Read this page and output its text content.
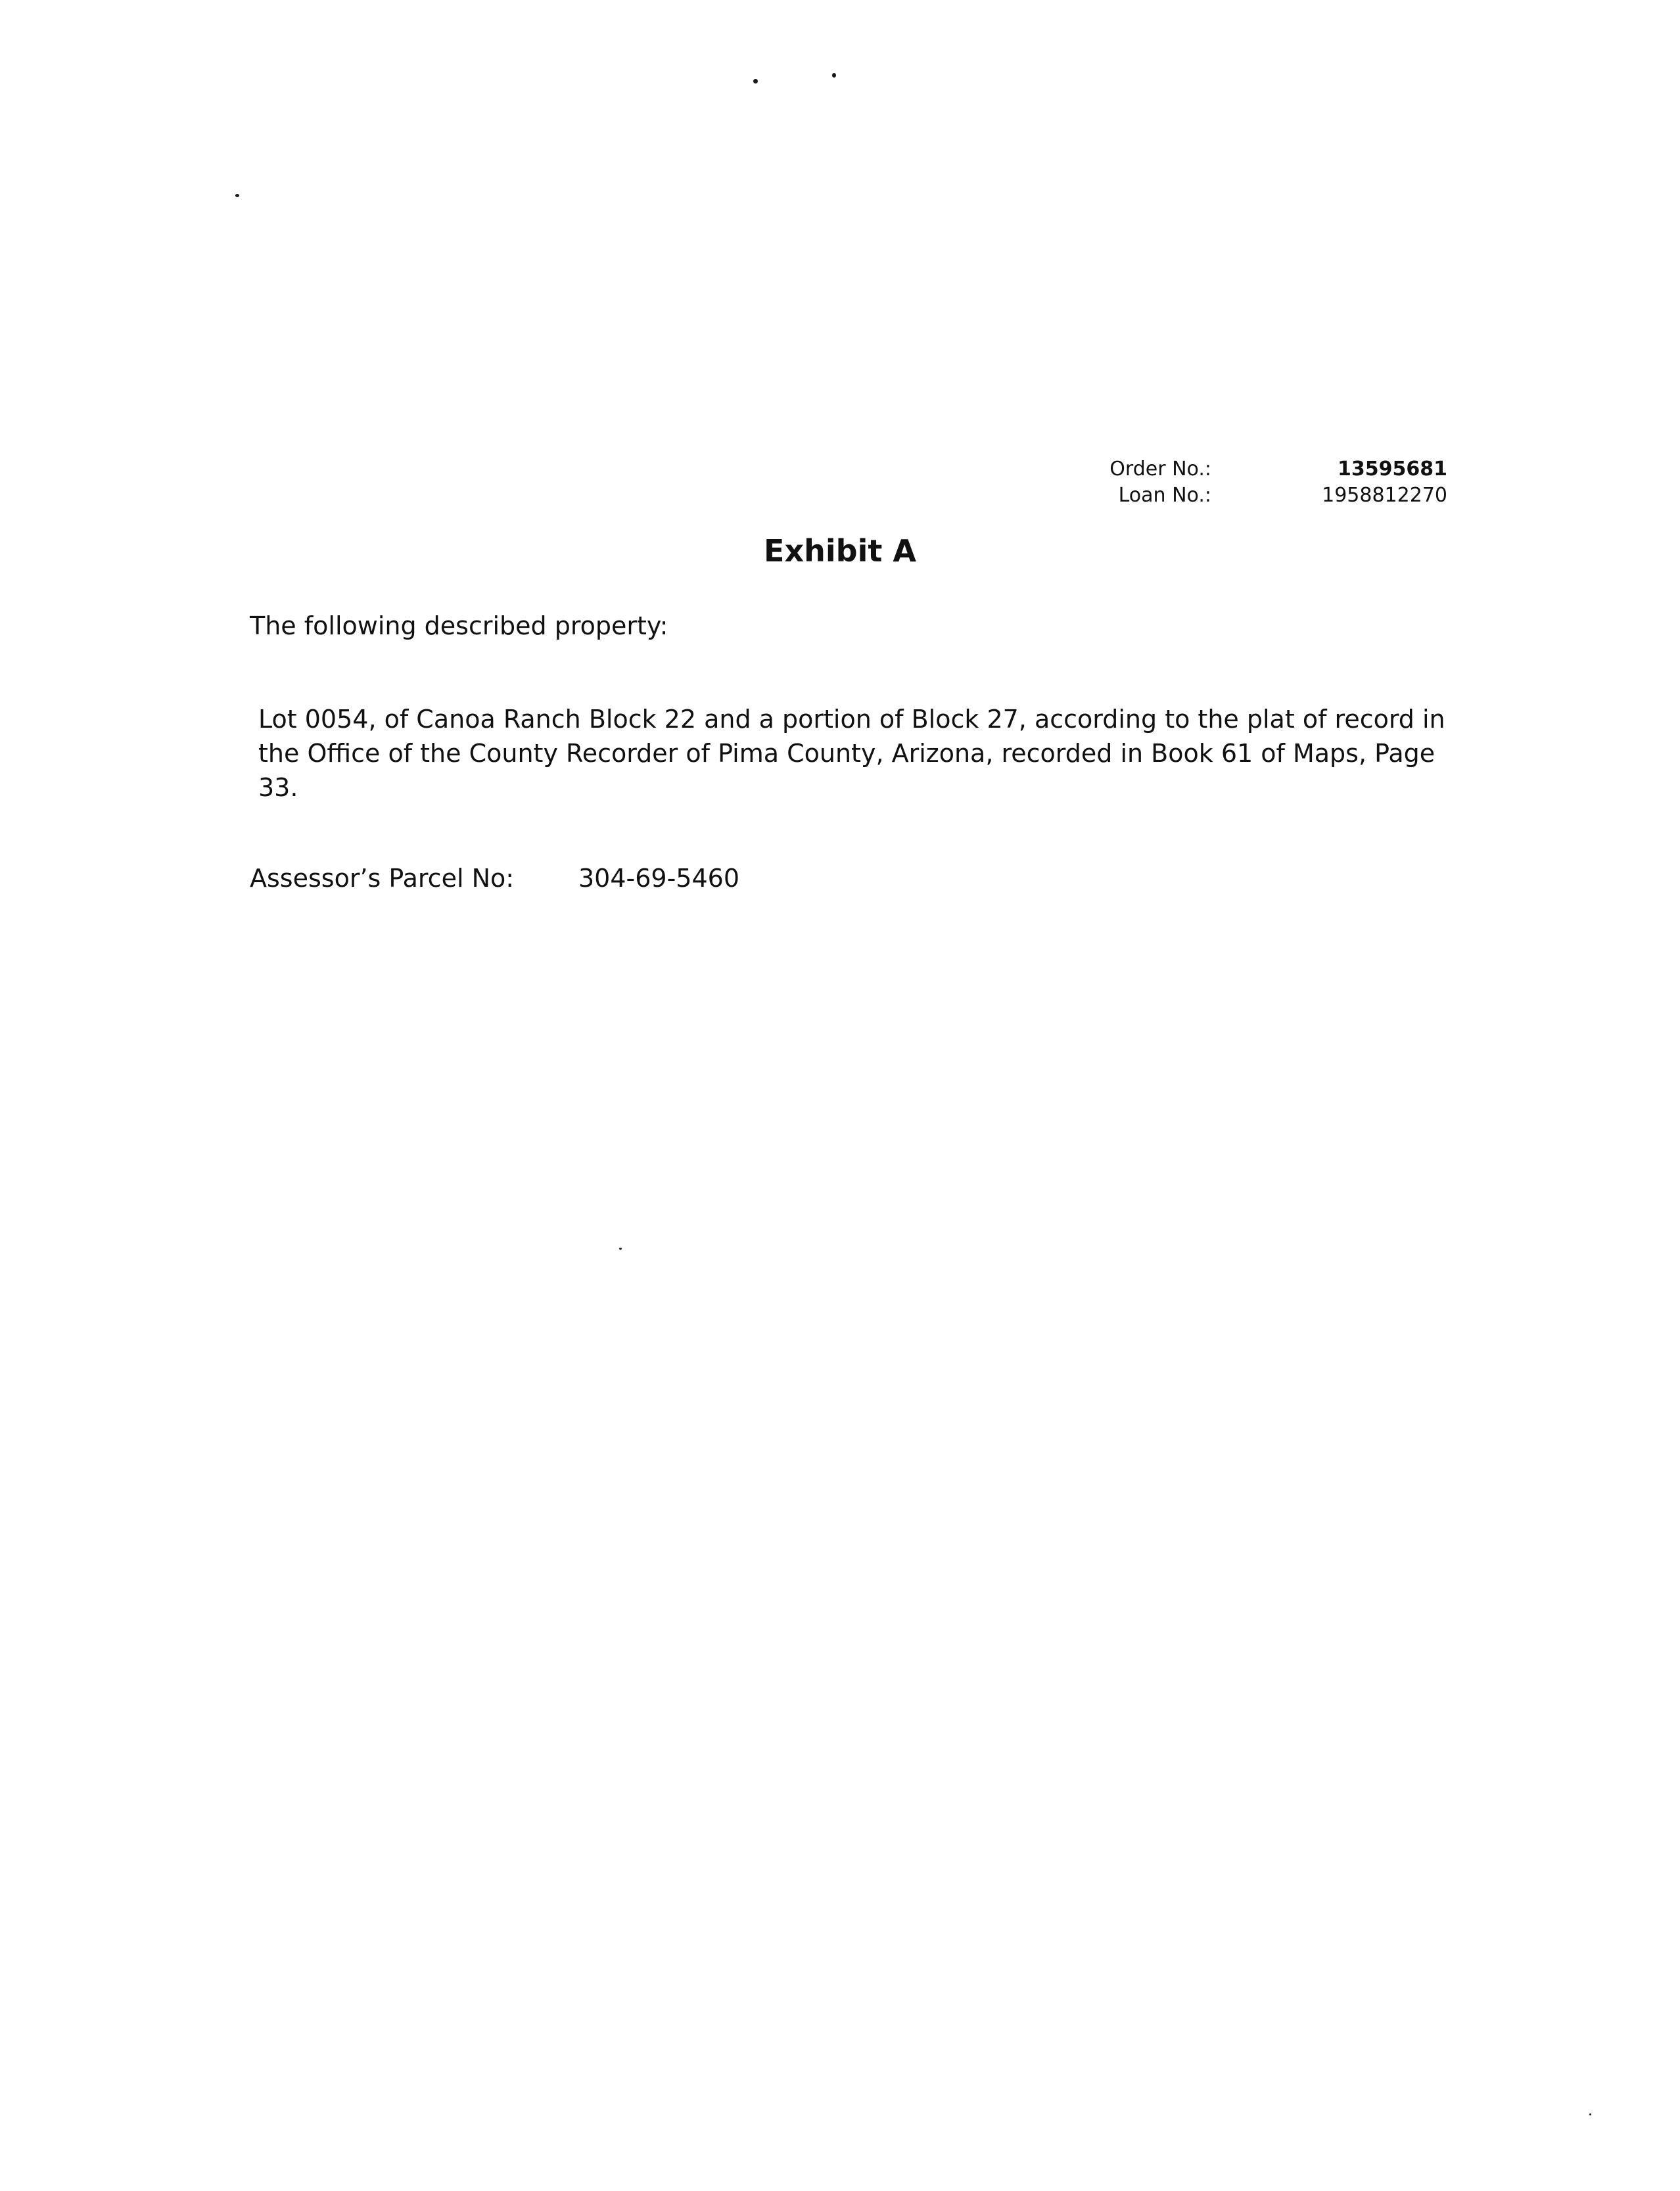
Order No.:	13595681
Loan No.:	1958812270
Exhibit A
The following described property:
Lot 0054, of Canoa Ranch Block 22 and a portion of Block 27, according to the plat of record in the Office of the County Recorder of Pima County, Arizona, recorded in Book 61 of Maps, Page 33.
Assessor’s Parcel No:	304-69-5460
